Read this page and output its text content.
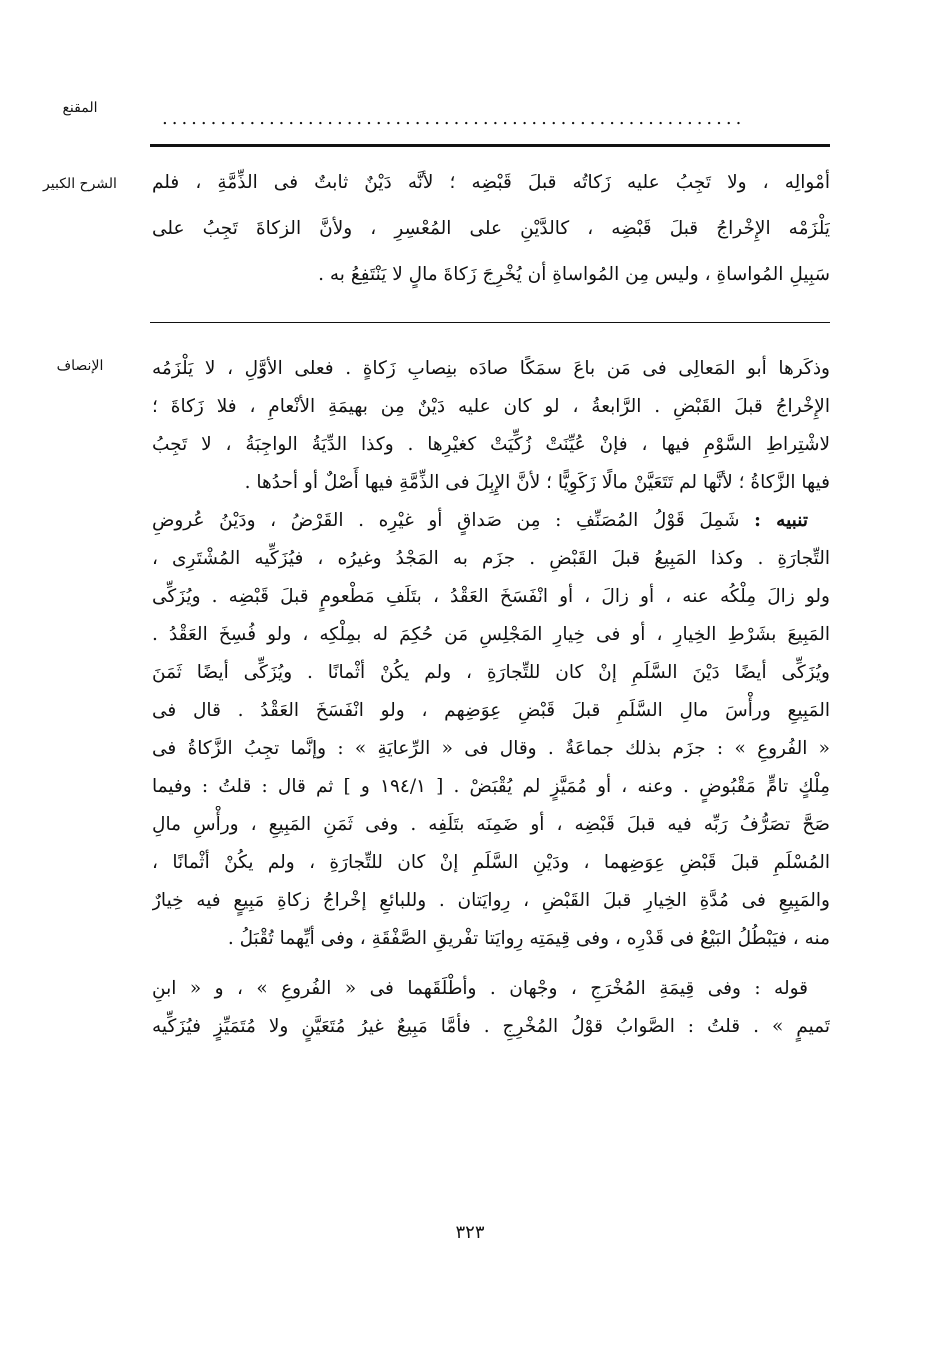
المقنع	............................................................
الشرح الكبير	أمْوالِه ، ولا تَجِبُ عليه زَكاتُه قبلَ قَبْضِه ؛ لأنَّه دَيْنٌ ثابتٌ فى الذِّمَّةِ ، فلم
يَلْزَمْه الإِخْراجُ قبلَ قَبْضِه ، كالدَّيْنِ على المُعْسِرِ ، ولأنَّ الزكاةَ تَجِبُ على
سَبِيلِ المُواساةِ ، وليس مِن المُواساةِ أن يُخْرِجَ زَكاةَ مالٍ لا يَنْتَفِعُ به .
الإنصاف	وذكَرها أبو المَعالِى فى مَن باعَ سمَكًا صادَه بنِصابِ زَكاةٍ . فعلى الأوَّلِ ، لا يَلْزَمُه
الإِخْراجُ قبلَ القَبْضِ . الرَّابعةُ ، لو كان عليه دَيْنٌ مِن بهيمَةِ الأنْعامِ ، فلا زَكاةَ ؛
لاشْتِراطِ السَّوْمِ فيها ، فإنْ عُيِّنَتْ زُكِّيَتْ كغيْرِها . وكذا الدِّيَةُ الواجِبَةُ ، لا تَجِبُ
فيها الزَّكاةُ ؛ لأنَّها لم تَتَعَيَّنْ مالًا زَكَوِيًّا ؛ لأنَّ الإِبِلَ فى الذِّمَّةِ فيها أَصْلٌ أو أحدُها .
تنبيه : شَمِلَ قَوْلُ المُصَنِّفِ : مِن صَداقٍ أو غيْرِه . القَرْضُ ، ودَيْنُ عُروضِ
التِّجارَةِ . وكذا المَبِيعُ قبلَ القَبْضِ . جزَم به المَجْدُ وغيرُه ، فيُزَكِّيه المُشْتَرِى ،
ولو زالَ مِلْكُه عنه ، أو زالَ ، أو انْفَسَخَ العَقْدُ ، بتَلَفِ مَطْعومٍ قبلَ قَبْضِه . ويُزَكِّى
المَبِيعَ بشَرْطِ الخِيارِ ، أو فى خِيارِ المَجْلِسِ مَن حُكِمَ له بمِلْكِه ، ولو فُسِخَ العَقْدُ .
ويُزَكِّى أيضًا دَيْنَ السَّلَمِ إنْ كان للتِّجارَةِ ، ولم يكُنْ أثْمانًا . ويُزَكِّى أيضًا ثَمَنَ
المَبِيعِ ورأْسَ مالِ السَّلَمِ قبلَ قَبْضِ عِوَضِهم ، ولو انْفَسَخَ العَقْدُ . قال فى
« الفُروعِ » : جزَم بذلك جماعَةٌ . وقال فى « الرِّعايَةِ » : وإنَّما تجِبُ الزَّكاةُ فى
مِلْكٍ تامٍّ مَقْبُوضٍ . وعنه ، أو مُمَيَّزٍ لم يُقْبَضْ . [ ١٩٤/١ و ] ثم قال : قلتُ : وفيما
صَحَّ تصَرُّفُ رَبِّه فيه قبلَ قَبْضِه ، أو ضَمِنَه بتَلَفِه . وفى ثَمَنِ المَبِيعِ ، ورأْسِ مالِ
المُسْلَمِ قبلَ قَبْضِ عِوَضِهما ، ودَيْنِ السَّلَمِ إنْ كان للتِّجارَةِ ، ولم يكُنْ أثْمانًا ،
والمَبِيعِ فى مُدَّةِ الخِيارِ قبلَ القَبْضِ ، رِوايَتان . وللبائعِ إخْراجُ زكاةِ مَبِيعٍ فيه خِيارٌ
منه ، فيَبْطُلُ البَيْعُ فى قَدْرِه ، وفى قِيمَتِه رِوايَتا تفْريقِ الصَّفْقَةِ ، وفى أيِّهما تُقْبَلُ .
قوله : وفى قِيمَةِ المُخْرَجِ ، وجْهان . وأطْلَقَهما فى « الفُروعِ » ، و « ابنِ
تَميمٍ » . قلتُ : الصَّوابُ قوْلُ المُخْرِجِ . فأمَّا مَبِيعٌ غيرُ مُتَعَيَّنٍ ولا مُتَمَيِّزٍ فيُزَكِّيه
٣٢٣
